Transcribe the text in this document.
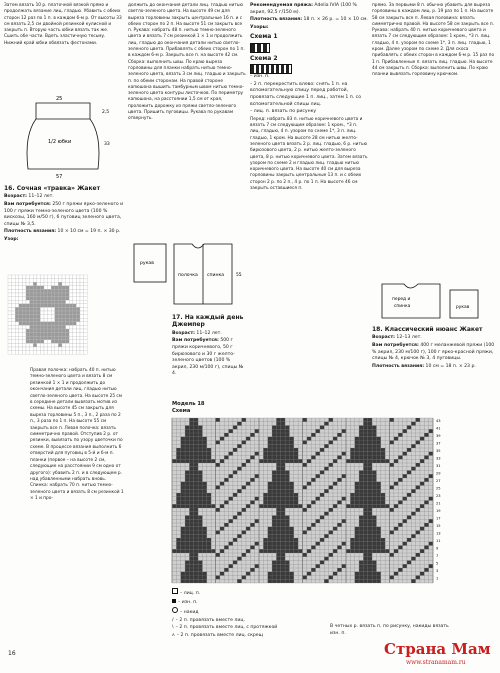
Затем вязать 10 р. платочной вязкой прямо и продолжать вязание лиц. гладью. Убавить с обеих сторон 12 раз по 1 п. в каждом 6-м р. От высоты 33 см вязать 2,5 см двойной резинкой кулисной и закрыть п. Вторую часть юбки вязать так же. Сшить обе части. Вдеть эластичную тесьму. Нижний край юбки обвязать фестонами.

25
1/2 юбки
57
2,5
33
16. Сочная «травка» Жакет

Возраст: 11–12 лет.

Вам потребуется: 250 г пряжи ярко-зеленого и 100 г пряжи темно-зеленого цвета (100 % вискозы, 160 м/50 г), 6 пуговиц зеленого цвета, спицы № 3,5.

Плотность вязания: 10 × 10 см = 19 п. × 30 р.

Узор:

Правая полочка: набрать 40 п. нитью темно-зеленого цвета и вязать 8 см резинкой 1 × 1 и продолжить до окончания детали лиц. гладью нитью светло-зеленого цвета. На высоте 25 см в середине детали вывязать мотив из схемы. На высоте 45 см закрыть для выреза горловины 5 п., 3 п., 2 раза по 2 п., 3 раза по 1 п. На высоте 55 см закрыть все п. Левая полочка: вязать симметрично правой. Отступив 2 р. от резинки, вывязать по узору цветочки по схеме. В процессе вязания выполнить 6 отверстий для пуговиц в 5-й и 6-м п. планки (первое – на высоте 2 см, следующие на расстоянии 9 см одно от другого): убавить 2 п. и в следующем р. над убавленными набрать вновь. Спинка: набрать 70 п. нитью темно-зеленого цвета и вязать 8 см резинкой 1 × 1 и про-

должить до окончания детали лиц. гладью нитью светло-зеленого цвета. На высоте 49 см для выреза горловины закрыть центральные 16 п. и с обеих сторон по 2 п. На высоте 51 см закрыть все п. Рукава: набрать 48 п. нитью темно-зеленого цвета и вязать 7 см резинкой 1 × 1 и продолжить лиц. гладью до окончания детали нитью светло-зеленого цвета. Прибавлять с обеих сторон по 1 п. в каждом 6-м р. Закрыть все п. на высоте 42 см. Сборка: выполнить швы. По краю выреза горловины для планки набрать нитью темно-зеленого цвета, вязать 3 см лиц. гладью и закрыть п. по обеим сторонам. На правой стороне капюшона вышить тамбурным швом нитью темно-зеленого цвета контуры листочков. По периметру капюшона, на расстоянии 1,5 см от края, проложить дорожку из пряжи светло-зеленого цвета. Пришить пуговицы. Рукава по рукавам отвернуть.

рукав
полочка спинка	55
17. На каждый день Джемпер

Возраст: 11–12 лет.

Вам потребуется: 500 г пряжи коричневого, 50 г бирюзового и 30 г желто-зеленого цветов (100 % акрил, 230 м/100 г), спицы № 4.

Рекомендуемая пряжа: Adelia IVIA (100 % акрил, 92,5 г/150 м).

Плотность вязания: 18 п. × 26 р. = 10 × 10 см.

Узоры:

Схема 1
Схема 2

– изн. п.

– 2 п. перекрестить влево: снять 1 п. на вспомогательную спицу перед работой, провязать следующие 1 п. лиц., затем 1 п. со вспомогательной спицы лиц.

– лиц. п. вязать по рисунку

Перед: набрать 83 п. нитью коричневого цвета и вязать 7 см следующим образом: 1 кром., *3 п. лиц. гладью, 4 п. узором по схеме 1*, 3 п. лиц. гладью, 1 кром. На высоте 28 см нитью желто-зеленого цвета вязать 2 р. лиц. гладью, 6 р. нитью бирюзового цвета, 2 р. нитью желто-зеленого цвета, 8 р. нитью коричневого цвета. Затем вязать узором по схеме 2 и гладью лиц. гладью нитью коричневого цвета. На высоте 40 см для выреза горловины закрыть центральные 13 п. и с обеих сторон 2 р. по 2 п., 4 р. по 1 п. На высоте 46 см закрыть оставшиеся п.

прямо. За первыми 8 п. обычно убавить для выреза горловины в каждом лиц. р. 19 раз по 1 п. На высоте 58 см закрыть все п. Левая половина: вязать симметрично правой. На высоте 58 см закрыть все п. Рукава: набрать 40 п. нитью коричневого цвета и вязать 7 см следующим образом: 1 кром., *3 п. лиц. гладью, 4 п. узором по схеме 1*, 3 п. лиц. гладью, 1 кром. Далее узором по схеме 2. Для скоса прибавлять с обеих сторон в каждом 6-м р. 15 раз по 1 п. Прибавленные п. вязать лиц. гладью. На высоте 44 см закрыть п. Сборка: выполнить швы. По краю планки вывязать горловину крючком.

перед и
спинка	рукав
18. Классический нюанс Жакет

Возраст: 12–13 лет.

Вам потребуется: 400 г меланжевой пряжи (100 % акрил, 230 м/100 г), 100 г ярко-красной пряжи, спицы № 4, крючок № 3, 4 пуговицы.

Плотность вязания: 10 см = 18 п. × 23 р.

Модель 18
Схема
43
41
39
37
35
33
31
29
27
25
23
21
19
17
15
13
11
9
7
5
3
1

– лиц. п.

– изн. п.

– накид

/ – 2 п. провязать вместе лиц.

\ – 2 п. провязать вместе лиц. с протяжкой

ʌ – 2 п. провязать вместе лиц. скрещ

В четных р. вязать п. по рисунку, накиды вязать изн. п.

16	Страна Мам
www.stranamam.ru
